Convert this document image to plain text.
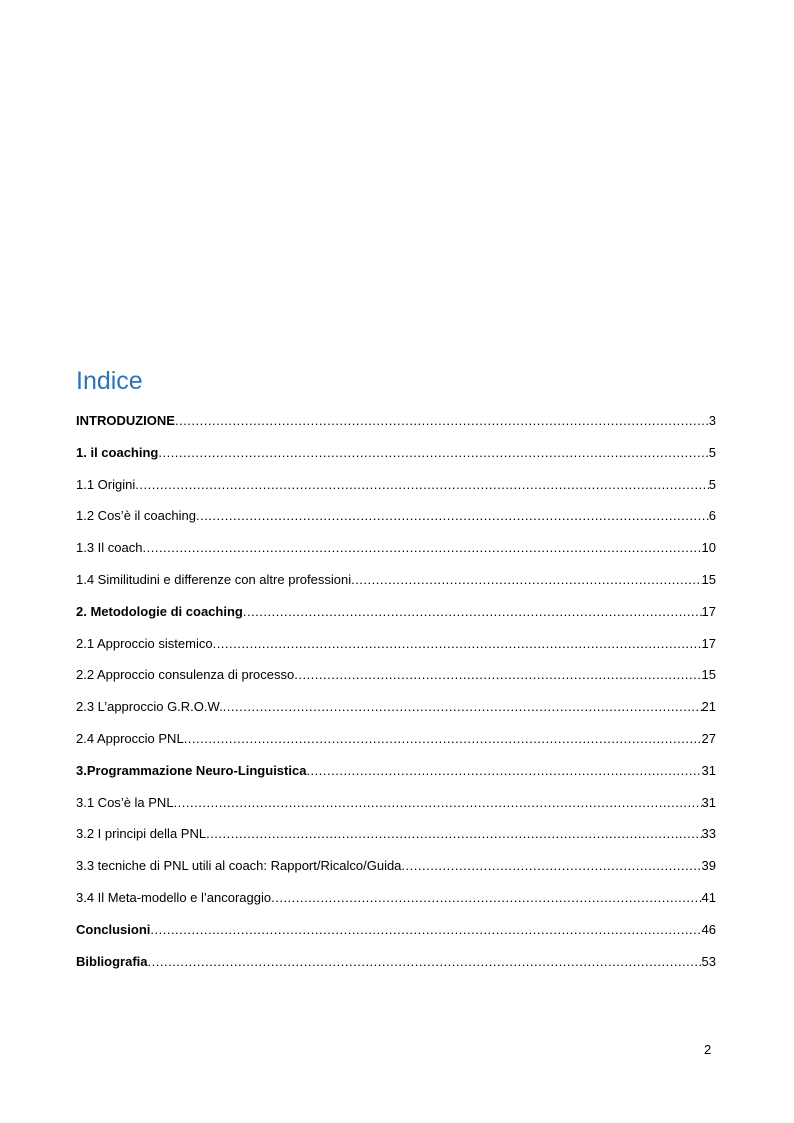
Indice
INTRODUZIONE .....	3
1. il coaching .....	5
1.1 Origini .....	5
1.2 Cos’è il coaching .....	6
1.3 Il coach .....	10
1.4 Similitudini e differenze con altre professioni .....	15
2. Metodologie di coaching .....	17
2.1 Approccio sistemico .....	17
2.2 Approccio consulenza di processo .....	15
2.3 L’approccio G.R.O.W. .....	21
2.4 Approccio PNL .....	27
3.Programmazione Neuro-Linguistica .....	31
3.1 Cos’è la PNL .....	31
3.2 I principi della PNL .....	33
3.3 tecniche di PNL utili al coach: Rapport/Ricalco/Guida .....	39
3.4 Il Meta-modello e l’ancoraggio .....	41
Conclusioni .....	46
Bibliografia .....	53
2
